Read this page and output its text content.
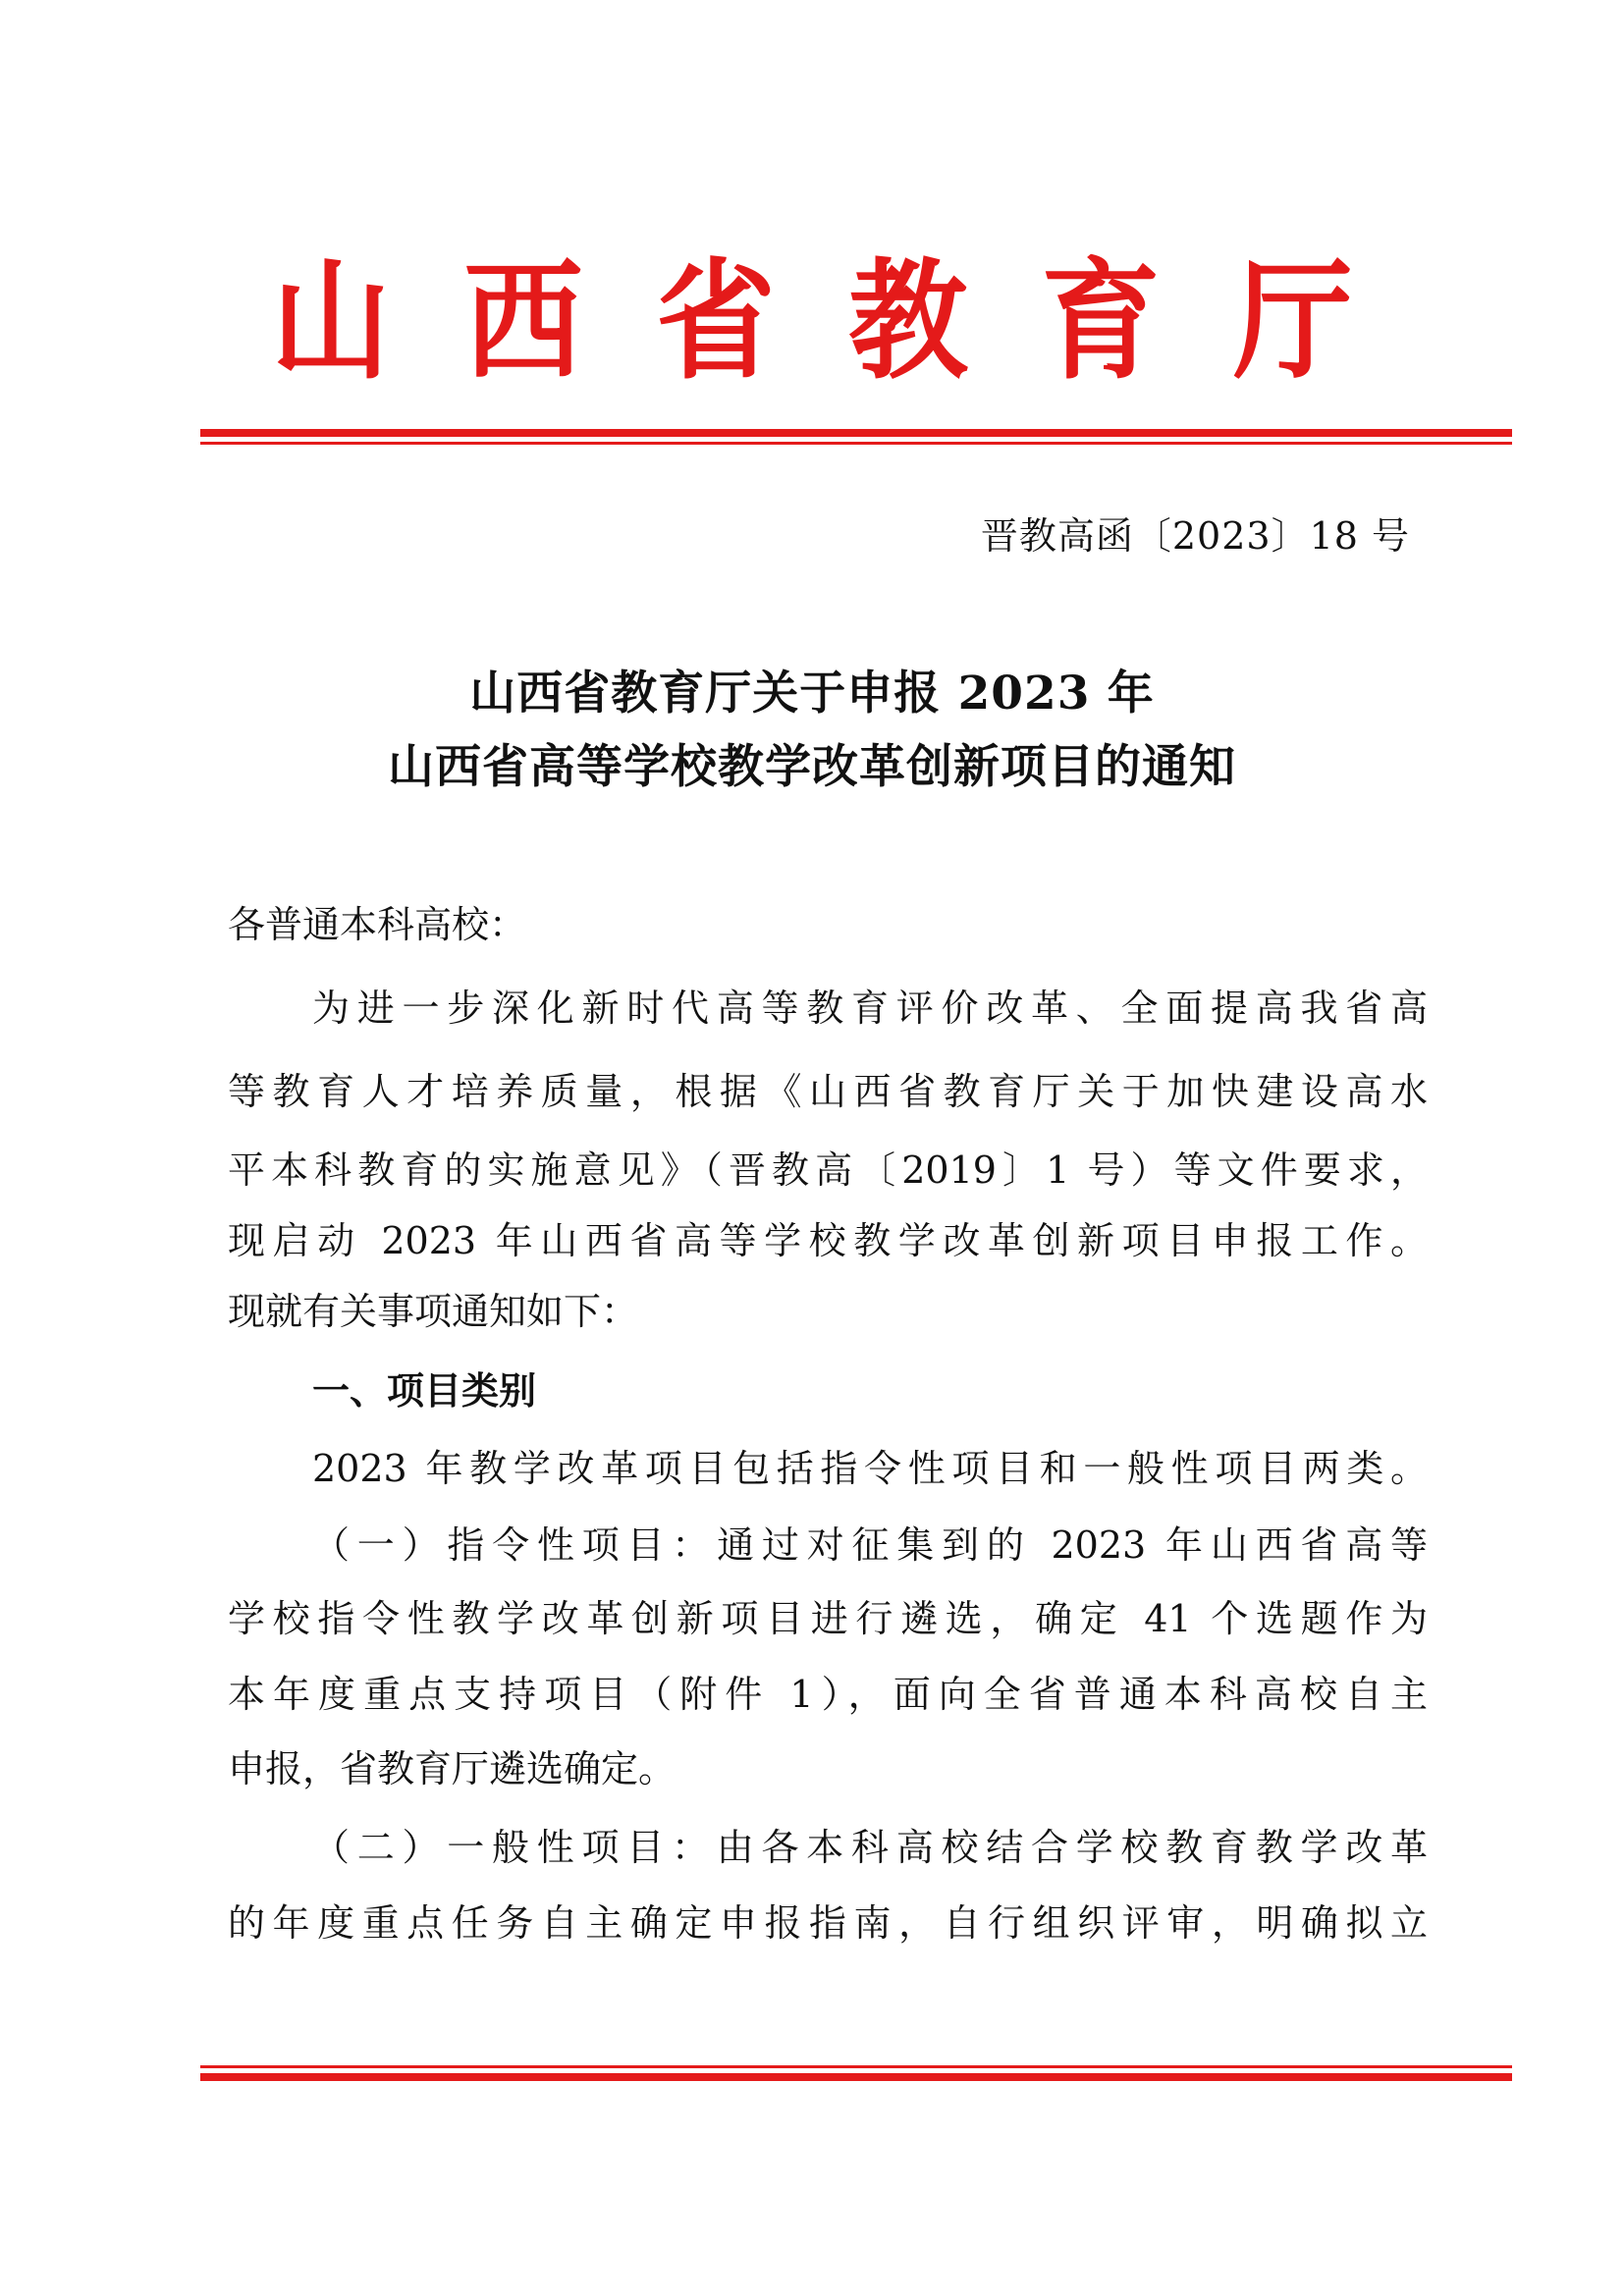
山 西 省 教 育 厅
晋教高函〔2023〕18 号
山西省教育厅关于申报 2023 年
山西省高等学校教学改革创新项目的通知
各普通本科高校：
为进一步深化新时代高等教育评价改革、全面提高我省高
等教育人才培养质量，根据《山西省教育厅关于加快建设高水
平本科教育的实施意见》（晋教高〔2019〕1 号）等文件要求，
现启动 2023 年山西省高等学校教学改革创新项目申报工作。
现就有关事项通知如下：
一、项目类别
2023 年教学改革项目包括指令性项目和一般性项目两类。
（一）指令性项目：通过对征集到的 2023 年山西省高等
学校指令性教学改革创新项目进行遴选，确定 41 个选题作为
本年度重点支持项目（附件 1），面向全省普通本科高校自主
申报，省教育厅遴选确定。
（二）一般性项目：由各本科高校结合学校教育教学改革
的年度重点任务自主确定申报指南，自行组织评审，明确拟立
